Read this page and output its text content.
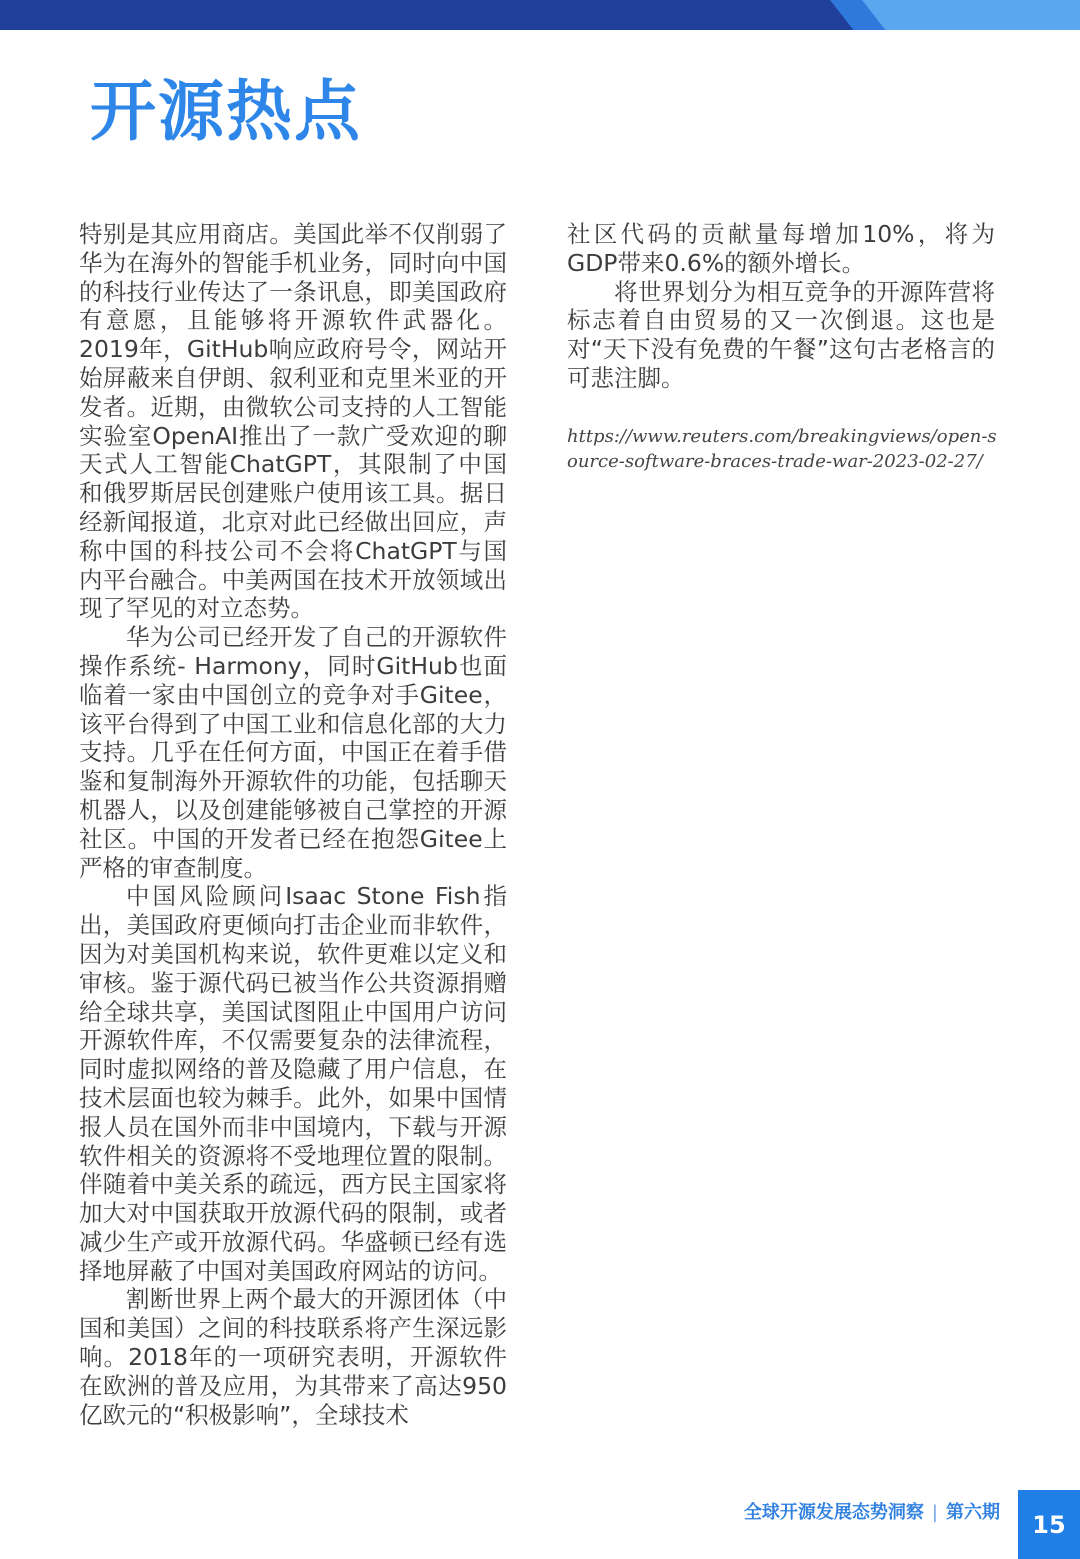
开源热点

特别是其应用商店。美国此举不仅削弱了华为在海外的智能手机业务，同时向中国的科技行业传达了一条讯息，即美国政府有意愿，且能够将开源软件武器化。2019年，GitHub响应政府号令，网站开始屏蔽来自伊朗、叙利亚和克里米亚的开发者。近期，由微软公司支持的人工智能实验室OpenAI推出了一款广受欢迎的聊天式人工智能ChatGPT，其限制了中国和俄罗斯居民创建账户使用该工具。据日经新闻报道，北京对此已经做出回应，声称中国的科技公司不会将ChatGPT与国内平台融合。中美两国在技术开放领域出现了罕见的对立态势。

华为公司已经开发了自己的开源软件操作系统- Harmony，同时GitHub也面临着一家由中国创立的竞争对手Gitee，该平台得到了中国工业和信息化部的大力支持。几乎在任何方面，中国正在着手借鉴和复制海外开源软件的功能，包括聊天机器人，以及创建能够被自己掌控的开源社区。中国的开发者已经在抱怨Gitee上严格的审查制度。

中国风险顾问Isaac Stone Fish指出，美国政府更倾向打击企业而非软件，因为对美国机构来说，软件更难以定义和审核。鉴于源代码已被当作公共资源捐赠给全球共享，美国试图阻止中国用户访问开源软件库，不仅需要复杂的法律流程，同时虚拟网络的普及隐藏了用户信息，在技术层面也较为棘手。此外，如果中国情报人员在国外而非中国境内，下载与开源软件相关的资源将不受地理位置的限制。伴随着中美关系的疏远，西方民主国家将加大对中国获取开放源代码的限制，或者减少生产或开放源代码。华盛顿已经有选择地屏蔽了中国对美国政府网站的访问。

割断世界上两个最大的开源团体（中国和美国）之间的科技联系将产生深远影响。2018年的一项研究表明，开源软件在欧洲的普及应用，为其带来了高达950亿欧元的“积极影响”，全球技术

社区代码的贡献量每增加10%，将为GDP带来0.6%的额外增长。

将世界划分为相互竞争的开源阵营将标志着自由贸易的又一次倒退。这也是对“天下没有免费的午餐”这句古老格言的可悲注脚。

https://www.reuters.com/breakingviews/open-source-software-braces-trade-war-2023-02-27/
全球开源发展态势洞察 | 第六期 15
